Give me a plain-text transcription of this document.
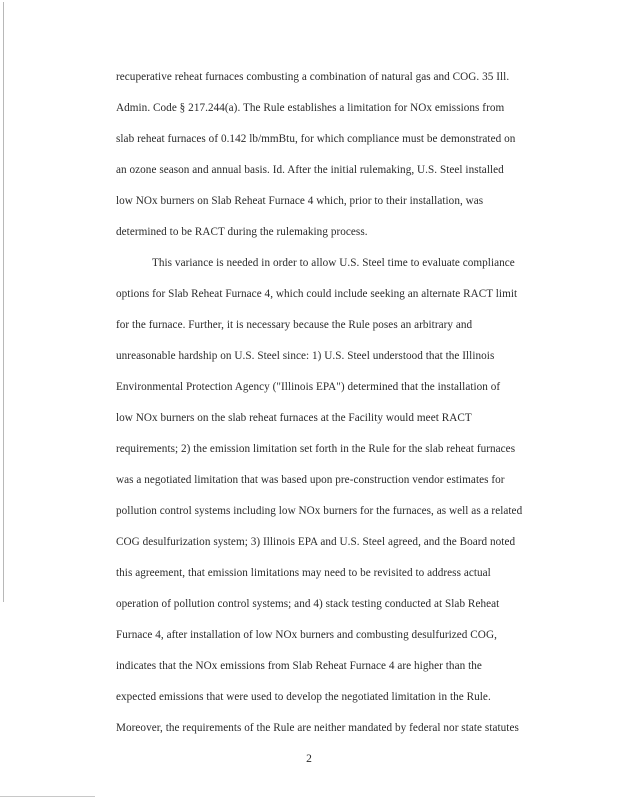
recuperative reheat furnaces combusting a combination of natural gas and COG. 35 Ill.
Admin. Code § 217.244(a). The Rule establishes a limitation for NOx emissions from
slab reheat furnaces of 0.142 lb/mmBtu, for which compliance must be demonstrated on
an ozone season and annual basis. Id. After the initial rulemaking, U.S. Steel installed
low NOx burners on Slab Reheat Furnace 4 which, prior to their installation, was
determined to be RACT during the rulemaking process.
This variance is needed in order to allow U.S. Steel time to evaluate compliance
options for Slab Reheat Furnace 4, which could include seeking an alternate RACT limit
for the furnace. Further, it is necessary because the Rule poses an arbitrary and
unreasonable hardship on U.S. Steel since: 1) U.S. Steel understood that the Illinois
Environmental Protection Agency ("Illinois EPA") determined that the installation of
low NOx burners on the slab reheat furnaces at the Facility would meet RACT
requirements; 2) the emission limitation set forth in the Rule for the slab reheat furnaces
was a negotiated limitation that was based upon pre-construction vendor estimates for
pollution control systems including low NOx burners for the furnaces, as well as a related
COG desulfurization system; 3) Illinois EPA and U.S. Steel agreed, and the Board noted
this agreement, that emission limitations may need to be revisited to address actual
operation of pollution control systems; and 4) stack testing conducted at Slab Reheat
Furnace 4, after installation of low NOx burners and combusting desulfurized COG,
indicates that the NOx emissions from Slab Reheat Furnace 4 are higher than the
expected emissions that were used to develop the negotiated limitation in the Rule.
Moreover, the requirements of the Rule are neither mandated by federal nor state statutes
2
